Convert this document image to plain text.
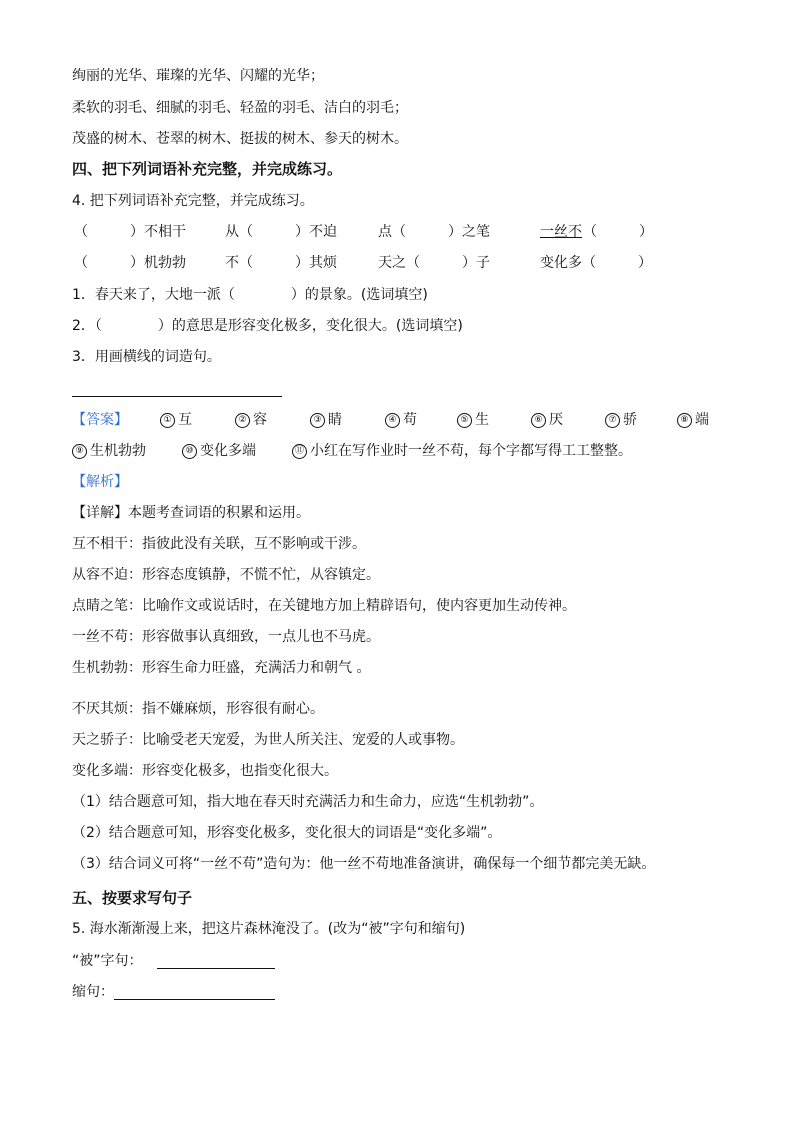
绚丽的光华、璀璨的光华、闪耀的光华；
柔软的羽毛、细腻的羽毛、轻盈的羽毛、洁白的羽毛；
茂盛的树木、苍翠的树木、挺拔的树木、参天的树木。
四、把下列词语补充完整，并完成练习。
4. 把下列词语补充完整，并完成练习。
（　　　）不相干	从（　　　）不迫	点（　　　）之笔	一丝不 （　　　）
（　　　）机勃勃	不（　　　）其烦	天之（　　　）子	变化多（　　　）
1．春天来了，大地一派（　　　　）的景象。(选词填空)
2．（　　　　）的意思是形容变化极多，变化很大。(选词填空)
3．用画横线的词造句。
【答案】	① 互	② 容	③ 睛	④ 苟	⑤ 生	⑥ 厌	⑦ 骄	⑧ 端
⑨ 生机勃勃	⑩ 变化多端	⑪ 小红在写作业时一丝不苟，每个字都写得工工整整。
【解析】
【详解】本题考查词语的积累和运用。
互不相干：指彼此没有关联，互不影响或干涉。
从容不迫：形容态度镇静，不慌不忙，从容镇定。
点睛之笔：比喻作文或说话时，在关键地方加上精辟语句，使内容更加生动传神。
一丝不苟：形容做事认真细致，一点儿也不马虎。
生机勃勃：形容生命力旺盛，充满活力和朝气 。
不厌其烦：指不嫌麻烦，形容很有耐心。
天之骄子：比喻受老天宠爱，为世人所关注、宠爱的人或事物。
变化多端：形容变化极多，也指变化很大。
（1）结合题意可知，指大地在春天时充满活力和生命力，应选“生机勃勃”。
（2）结合题意可知，形容变化极多，变化很大的词语是“变化多端”。
（3）结合词义可将“一丝不苟”造句为：他一丝不苟地准备演讲，确保每一个细节都完美无缺。
五、按要求写句子
5. 海水渐渐漫上来，把这片森林淹没了。(改为“被”字句和缩句)
“被”字句：
缩句：
